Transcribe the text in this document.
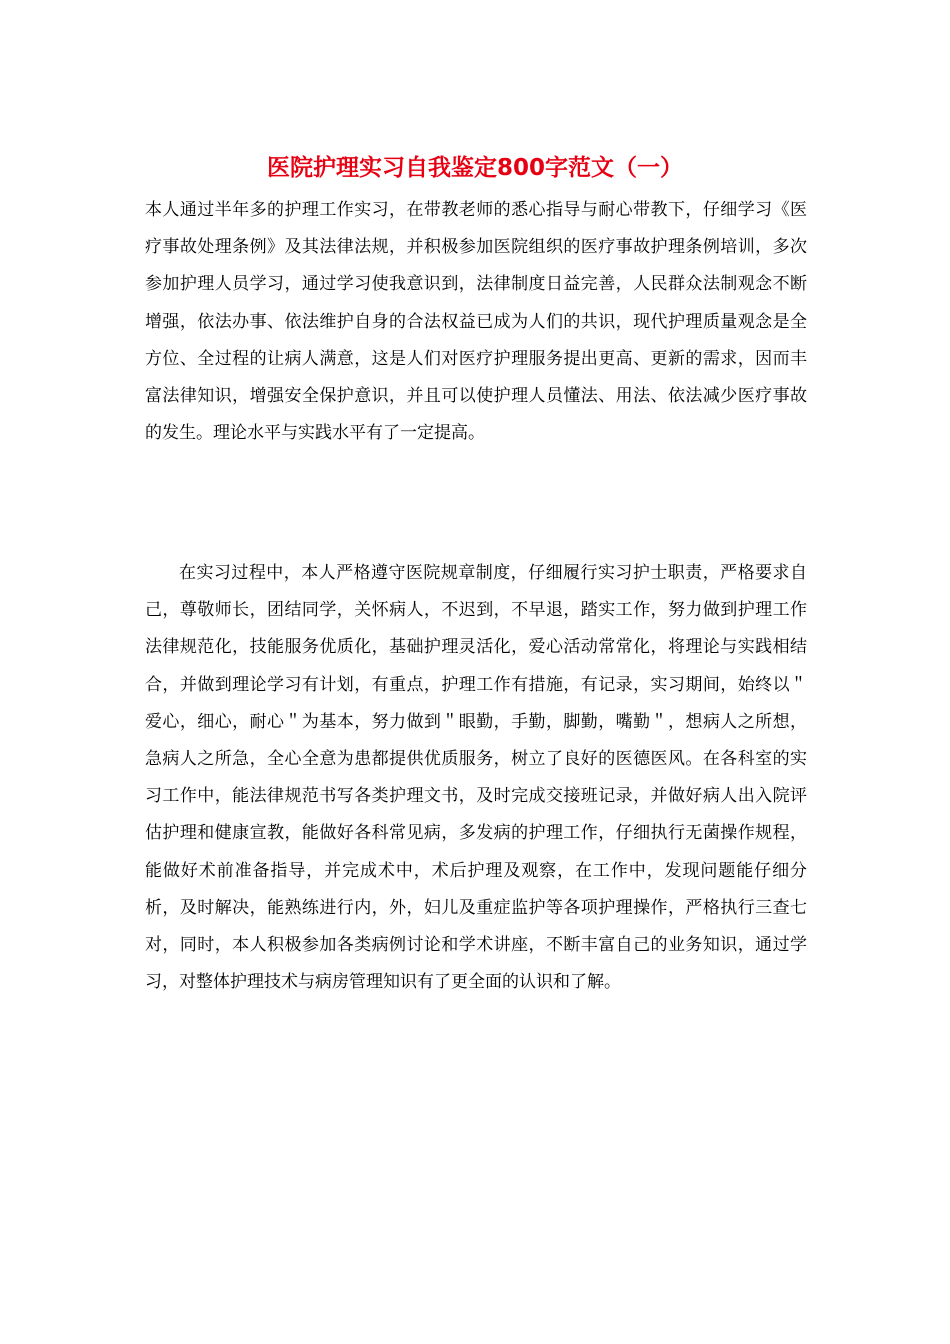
医院护理实习自我鉴定800字范文（一）

本人通过半年多的护理工作实习，在带教老师的悉心指导与耐心带教下，仔细学习《医疗事故处理条例》及其法律法规，并积极参加医院组织的医疗事故护理条例培训，多次参加护理人员学习，通过学习使我意识到，法律制度日益完善，人民群众法制观念不断增强，依法办事、依法维护自身的合法权益已成为人们的共识，现代护理质量观念是全方位、全过程的让病人满意，这是人们对医疗护理服务提出更高、更新的需求，因而丰富法律知识，增强安全保护意识，并且可以使护理人员懂法、用法、依法减少医疗事故的发生。理论水平与实践水平有了一定提高。

在实习过程中，本人严格遵守医院规章制度，仔细履行实习护士职责，严格要求自己，尊敬师长，团结同学，关怀病人，不迟到，不早退，踏实工作，努力做到护理工作法律规范化，技能服务优质化，基础护理灵活化，爱心活动常常化，将理论与实践相结合，并做到理论学习有计划，有重点，护理工作有措施，有记录，实习期间，始终以＂爱心，细心，耐心＂为基本，努力做到＂眼勤，手勤，脚勤，嘴勤＂，想病人之所想，急病人之所急，全心全意为患都提供优质服务，树立了良好的医德医风。在各科室的实习工作中，能法律规范书写各类护理文书，及时完成交接班记录，并做好病人出入院评估护理和健康宣教，能做好各科常见病，多发病的护理工作，仔细执行无菌操作规程，能做好术前准备指导，并完成术中，术后护理及观察，在工作中，发现问题能仔细分析，及时解决，能熟练进行内，外，妇儿及重症监护等各项护理操作，严格执行三查七对，同时，本人积极参加各类病例讨论和学术讲座，不断丰富自己的业务知识，通过学习，对整体护理技术与病房管理知识有了更全面的认识和了解。
